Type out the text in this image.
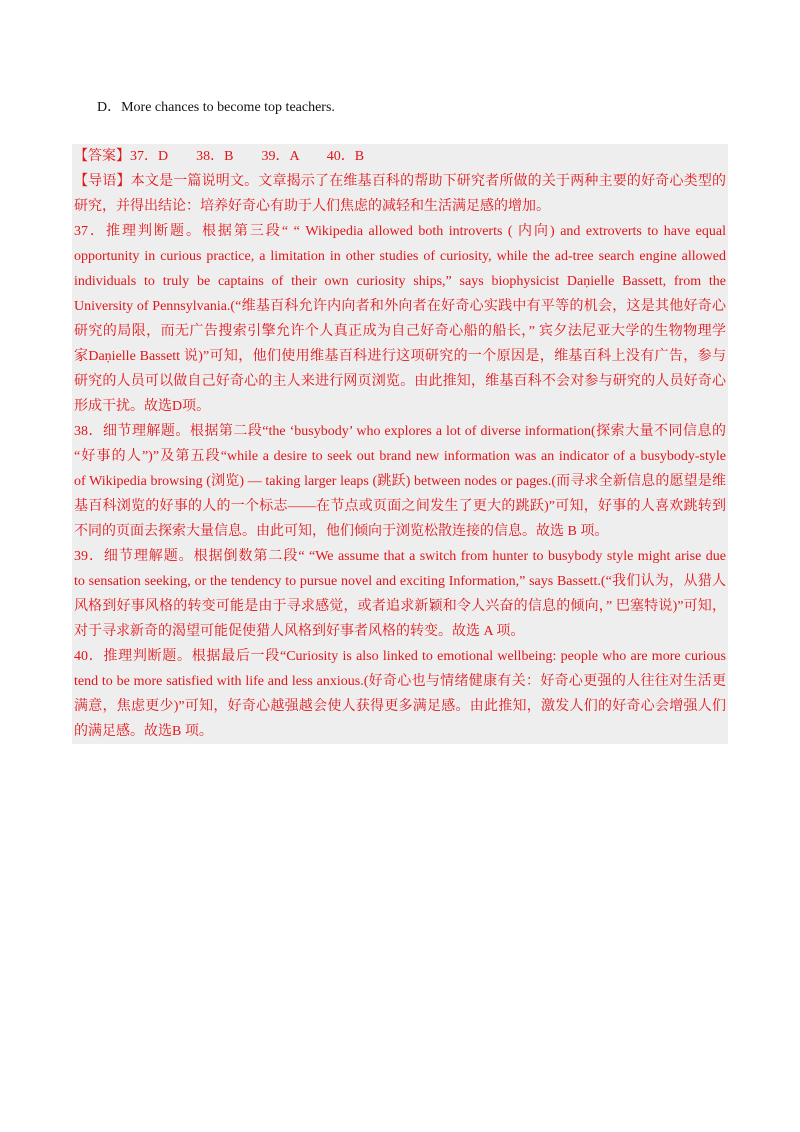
D．More chances to become top teachers.
【答案】37．D　　38．B　　39．A　　40．B
【导语】本文是一篇说明文。文章揭示了在维基百科的帮助下研究者所做的关于两种主要的好奇心类型的
研究，并得出结论：培养好奇心有助于人们焦虑的减轻和生活满足感的增加。
37．推理判断题。根据第三段“ “ Wikipedia allowed both introverts ( 内向) and extroverts to have equal
opportunity in curious practice, a limitation in other studies of curiosity, while the ad-tree search engine allowed
individuals to truly be captains of their own curiosity ships,” says biophysicist Daṇielle Bassett, from the
University of Pennsylvania.(“维基百科允许内向者和外向者在好奇心实践中有平等的机会，这是其他好奇心
研究的局限，而无广告搜索引擎允许个人真正成为自己好奇心船的船长，” 宾夕法尼亚大学的生物物理学
家Daṇielle Bassett 说)”可知，他们使用维基百科进行这项研究的一个原因是，维基百科上没有广告，参与
研究的人员可以做自己好奇心的主人来进行网页浏览。由此推知，维基百科不会对参与研究的人员好奇心
形成干扰。故选D项。
38．细节理解题。根据第二段“the ‘busybody’ who explores a lot of diverse information(探索大量不同信息的
“好事的人”)”及第五段“while a desire to seek out brand new information was an indicator of a busybody-style
of Wikipedia browsing (浏览) — taking larger leaps (跳跃) between nodes or pages.(而寻求全新信息的愿望是维
基百科浏览的好事的人的一个标志——在节点或页面之间发生了更大的跳跃)”可知，好事的人喜欢跳转到
不同的页面去探索大量信息。由此可知，他们倾向于浏览松散连接的信息。故选 B 项。
39．细节理解题。根据倒数第二段“ “We assume that a switch from hunter to busybody style might arise due
to sensation seeking, or the tendency to pursue novel and exciting Information,” says Bassett.(“我们认为，从猎人
风格到好事风格的转变可能是由于寻求感觉，或者追求新颖和令人兴奋的信息的倾向，” 巴塞特说)”可知，
对于寻求新奇的渴望可能促使猎人风格到好事者风格的转变。故选 A 项。
40．推理判断题。根据最后一段“Curiosity is also linked to emotional wellbeing: people who are more curious
tend to be more satisfied with life and less anxious.(好奇心也与情绪健康有关：好奇心更强的人往往对生活更
满意，焦虑更少)”可知，好奇心越强越会使人获得更多满足感。由此推知，激发人们的好奇心会增强人们
的满足感。故选B 项。
